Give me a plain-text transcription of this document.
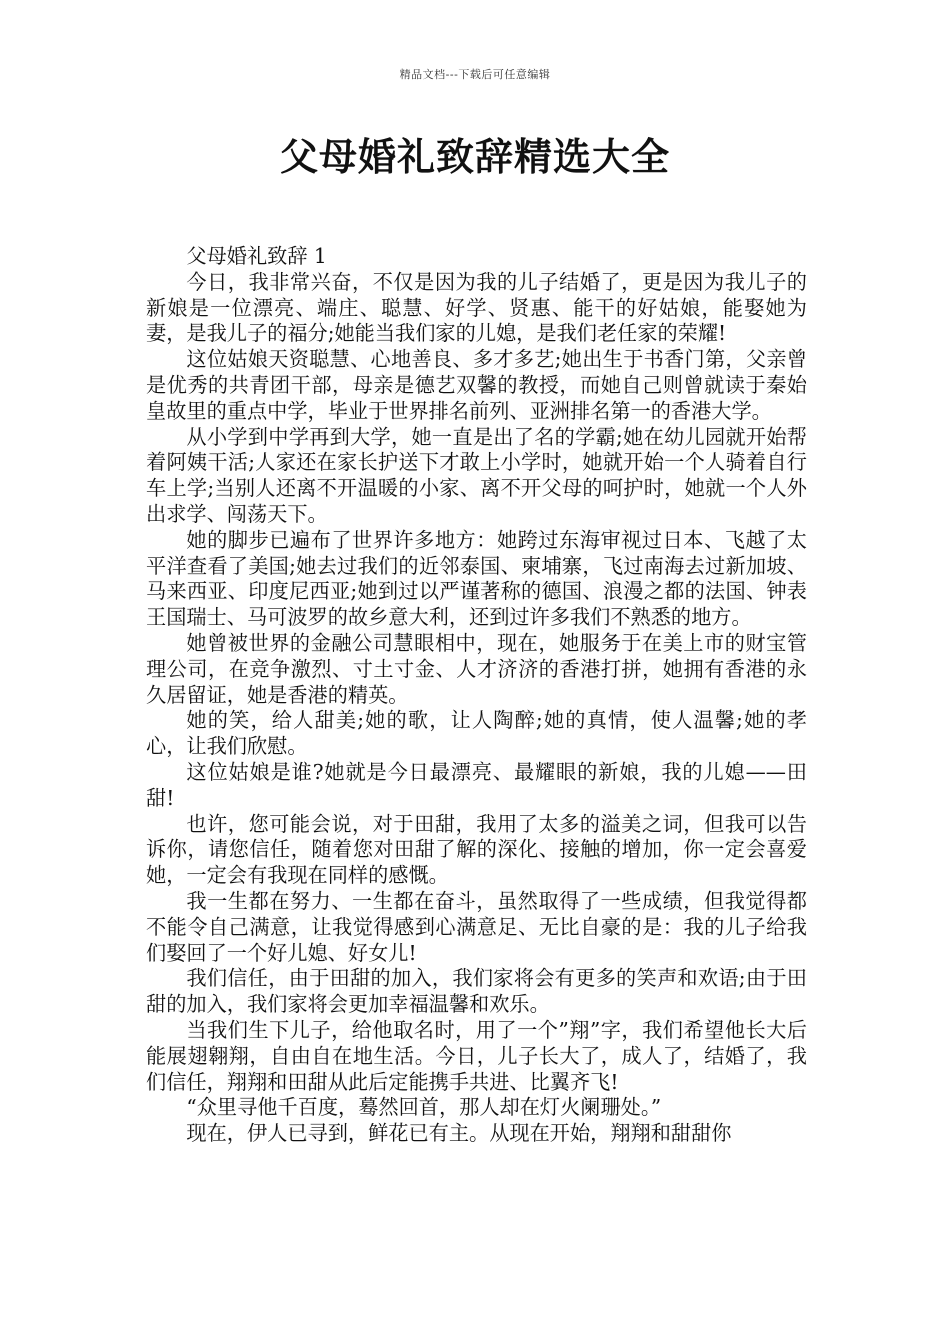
精品文档---下载后可任意编辑
父母婚礼致辞精选大全

父母婚礼致辞 1

今日，我非常兴奋，不仅是因为我的儿子结婚了，更是因为我儿子的新娘是一位漂亮、端庄、聪慧、好学、贤惠、能干的好姑娘，能娶她为妻，是我儿子的福分;她能当我们家的儿媳，是我们老任家的荣耀!

这位姑娘天资聪慧、心地善良、多才多艺;她出生于书香门第，父亲曾是优秀的共青团干部，母亲是德艺双馨的教授，而她自己则曾就读于秦始皇故里的重点中学，毕业于世界排名前列、亚洲排名第一的香港大学。

从小学到中学再到大学，她一直是出了名的学霸;她在幼儿园就开始帮着阿姨干活;人家还在家长护送下才敢上小学时，她就开始一个人骑着自行车上学;当别人还离不开温暖的小家、离不开父母的呵护时，她就一个人外出求学、闯荡天下。

她的脚步已遍布了世界许多地方：她跨过东海审视过日本、飞越了太平洋查看了美国;她去过我们的近邻泰国、柬埔寨，飞过南海去过新加坡、马来西亚、印度尼西亚;她到过以严谨著称的德国、浪漫之都的法国、钟表王国瑞士、马可波罗的故乡意大利，还到过许多我们不熟悉的地方。

她曾被世界的金融公司慧眼相中，现在，她服务于在美上市的财宝管理公司，在竞争激烈、寸土寸金、人才济济的香港打拼，她拥有香港的永久居留证，她是香港的精英。

她的笑，给人甜美;她的歌，让人陶醉;她的真情，使人温馨;她的孝心，让我们欣慰。

这位姑娘是谁?她就是今日最漂亮、最耀眼的新娘，我的儿媳——田甜!

也许，您可能会说，对于田甜，我用了太多的溢美之词，但我可以告诉你，请您信任，随着您对田甜了解的深化、接触的增加，你一定会喜爱她，一定会有我现在同样的感慨。

我一生都在努力、一生都在奋斗，虽然取得了一些成绩，但我觉得都不能令自己满意，让我觉得感到心满意足、无比自豪的是：我的儿子给我们娶回了一个好儿媳、好女儿!

我们信任，由于田甜的加入，我们家将会有更多的笑声和欢语;由于田甜的加入，我们家将会更加幸福温馨和欢乐。

当我们生下儿子，给他取名时，用了一个”翔”字，我们希望他长大后能展翅翱翔，自由自在地生活。今日，儿子长大了，成人了，结婚了，我们信任，翔翔和田甜从此后定能携手共进、比翼齐飞!

“众里寻他千百度，蓦然回首，那人却在灯火阑珊处。”

现在，伊人已寻到，鲜花已有主。从现在开始，翔翔和甜甜你
